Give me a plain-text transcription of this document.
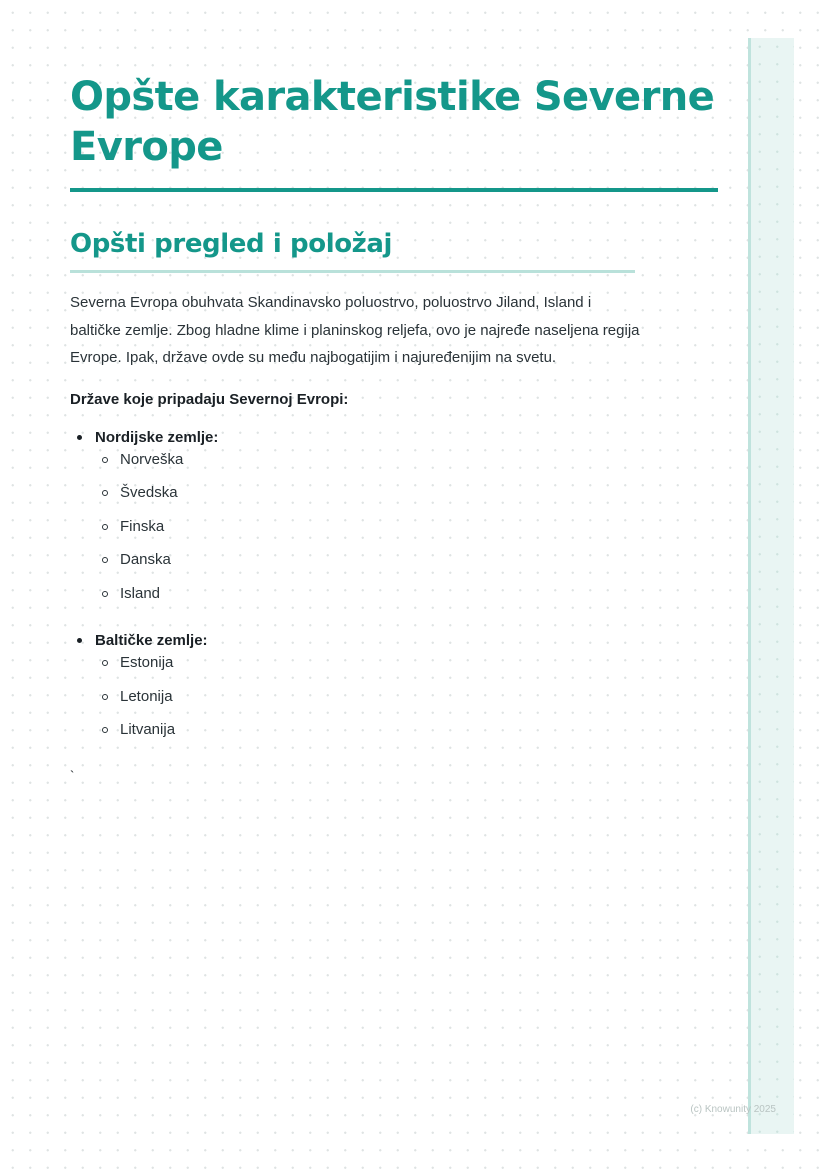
Opšte karakteristike Severne Evrope
Opšti pregled i položaj

Severna Evropa obuhvata Skandinavsko poluostrvo, poluostrvo Jiland, Island i baltičke zemlje. Zbog hladne klime i planinskog reljefa, ovo je najređe naseljena regija Evrope. Ipak, države ovde su među najbogatijim i najuređenijim na svetu.

Države koje pripadaju Severnoj Evropi:

Nordijske zemlje:
Norveška
Švedska
Finska
Danska
Island
Baltičke zemlje:
Estonija
Letonija
Litvanija
`
(c) Knowunity 2025
